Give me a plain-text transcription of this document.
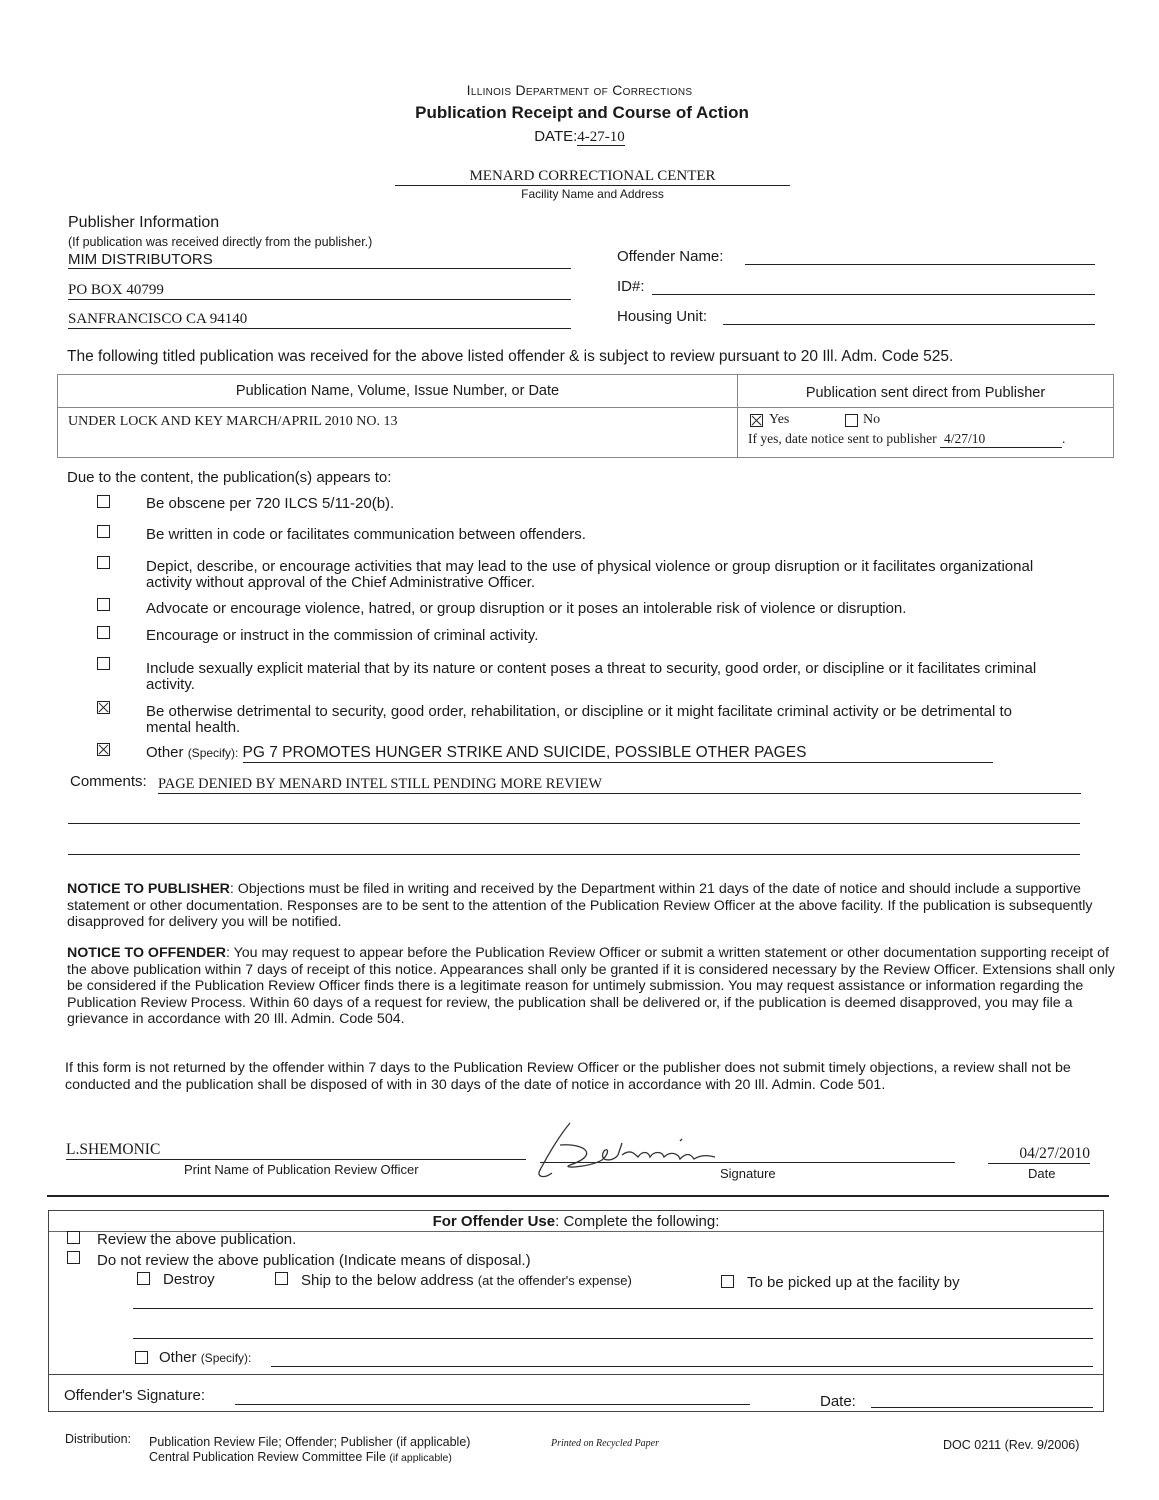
Illinois Department of Corrections
Publication Receipt and Course of Action
DATE:4-27-10
MENARD CORRECTIONAL CENTER
Facility Name and Address
Publisher Information
(If publication was received directly from the publisher.)
MIM DISTRIBUTORS
PO BOX 40799
SANFRANCISCO CA 94140
Offender Name:
ID#:
Housing Unit:
The following titled publication was received for the above listed offender & is subject to review pursuant to 20 Ill. Adm. Code 525.
Publication Name, Volume, Issue Number, or Date	Publication sent direct from Publisher
UNDER LOCK AND KEY MARCH/APRIL 2010 NO. 13	Yes	No
If yes, date notice sent to publisher 4/27/10	.
Due to the content, the publication(s) appears to:
Be obscene per 720 ILCS 5/11-20(b).
Be written in code or facilitates communication between offenders.
Depict, describe, or encourage activities that may lead to the use of physical violence or group disruption or it facilitates organizational activity without approval of the Chief Administrative Officer.
Advocate or encourage violence, hatred, or group disruption or it poses an intolerable risk of violence or disruption.
Encourage or instruct in the commission of criminal activity.
Include sexually explicit material that by its nature or content poses a threat to security, good order, or discipline or it facilitates criminal activity.
Be otherwise detrimental to security, good order, rehabilitation, or discipline or it might facilitate criminal activity or be detrimental to mental health.
Other (Specify): PG 7 PROMOTES HUNGER STRIKE AND SUICIDE, POSSIBLE OTHER PAGES
Comments: PAGE DENIED BY MENARD INTEL STILL PENDING MORE REVIEW
NOTICE TO PUBLISHER: Objections must be filed in writing and received by the Department within 21 days of the date of notice and should include a supportive statement or other documentation. Responses are to be sent to the attention of the Publication Review Officer at the above facility. If the publication is subsequently disapproved for delivery you will be notified.
NOTICE TO OFFENDER: You may request to appear before the Publication Review Officer or submit a written statement or other documentation supporting receipt of the above publication within 7 days of receipt of this notice. Appearances shall only be granted if it is considered necessary by the Review Officer. Extensions shall only be considered if the Publication Review Officer finds there is a legitimate reason for untimely submission. You may request assistance or information regarding the Publication Review Process. Within 60 days of a request for review, the publication shall be delivered or, if the publication is deemed disapproved, you may file a grievance in accordance with 20 Ill. Admin. Code 504.
If this form is not returned by the offender within 7 days to the Publication Review Officer or the publisher does not submit timely objections, a review shall not be conducted and the publication shall be disposed of with in 30 days of the date of notice in accordance with 20 Ill. Admin. Code 501.
L.SHEMONIC
Print Name of Publication Review Officer	Signature
04/27/2010
Date
For Offender Use: Complete the following:
Review the above publication.
Do not review the above publication (Indicate means of disposal.)
Destroy	Ship to the below address (at the offender's expense)	To be picked up at the facility by
Other (Specify):
Offender's Signature:	Date:
Distribution: Publication Review File; Offender; Publisher (if applicable)
Central Publication Review Committee File (if applicable)
Printed on Recycled Paper	DOC 0211 (Rev. 9/2006)
